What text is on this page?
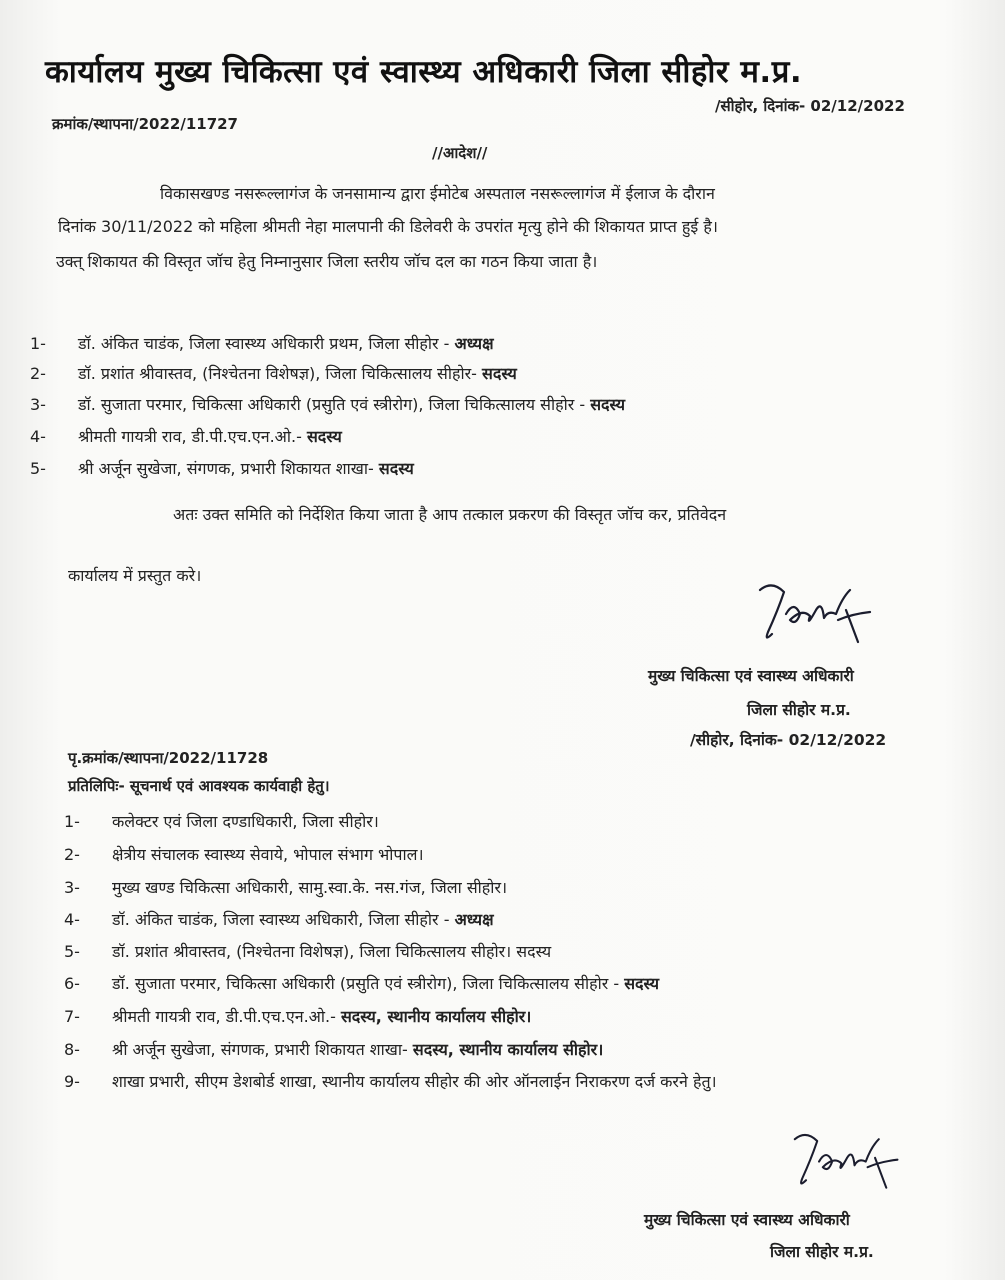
कार्यालय मुख्य चिकित्सा एवं स्वास्थ्य अधिकारी जिला सीहोर म.प्र.
क्रमांक/स्थापना/2022/11727
/सीहोर, दिनांक- 02/12/2022
//आदेश//
विकासखण्ड नसरूल्लागंज के जनसामान्य द्वारा ईमोटेब अस्पताल नसरूल्लागंज में ईलाज के दौरान
दिनांक 30/11/2022 को महिला श्रीमती नेहा मालपानी की डिलेवरी के उपरांत मृत्यु होने की शिकायत प्राप्त हुई है।
उक्त् शिकायत की विस्तृत जॉच हेतु निम्नानुसार जिला स्तरीय जॉच दल का गठन किया जाता है।
1- डॉ. अंकित चाडंक, जिला स्वास्थ्य अधिकारी प्रथम, जिला सीहोर - अध्यक्ष
2- डॉ. प्रशांत श्रीवास्तव, (निश्चेतना विशेषज्ञ), जिला चिकित्सालय सीहोर- सदस्य
3- डॉ. सुजाता परमार, चिकित्सा अधिकारी (प्रसुति एवं स्त्रीरोग), जिला चिकित्सालय सीहोर - सदस्य
4- श्रीमती गायत्री राव, डी.पी.एच.एन.ओ.- सदस्य
5- श्री अर्जून सुखेजा, संगणक, प्रभारी शिकायत शाखा- सदस्य
अतः उक्त समिति को निर्देशित किया जाता है आप तत्काल प्रकरण की विस्तृत जॉच कर, प्रतिवेदन
कार्यालय में प्रस्तुत करे।
मुख्य चिकित्सा एवं स्वास्थ्य अधिकारी
जिला सीहोर म.प्र.
/सीहोर, दिनांक- 02/12/2022
पृ.क्रमांक/स्थापना/2022/11728
प्रतिलिपिः- सूचनार्थ एवं आवश्यक कार्यवाही हेतु।
1- कलेक्टर एवं जिला दण्डाधिकारी, जिला सीहोर।
2- क्षेत्रीय संचालक स्वास्थ्य सेवाये, भोपाल संभाग भोपाल।
3- मुख्य खण्ड चिकित्सा अधिकारी, सामु.स्वा.के. नस.गंज, जिला सीहोर।
4- डॉ. अंकित चाडंक, जिला स्वास्थ्य अधिकारी, जिला सीहोर - अध्यक्ष
5- डॉ. प्रशांत श्रीवास्तव, (निश्चेतना विशेषज्ञ), जिला चिकित्सालय सीहोर। सदस्य
6- डॉ. सुजाता परमार, चिकित्सा अधिकारी (प्रसुति एवं स्त्रीरोग), जिला चिकित्सालय सीहोर - सदस्य
7- श्रीमती गायत्री राव, डी.पी.एच.एन.ओ.- सदस्य, स्थानीय कार्यालय सीहोर।
8- श्री अर्जून सुखेजा, संगणक, प्रभारी शिकायत शाखा- सदस्य, स्थानीय कार्यालय सीहोर।
9- शाखा प्रभारी, सीएम डेशबोर्ड शाखा, स्थानीय कार्यालय सीहोर की ओर ऑनलाईन निराकरण दर्ज करने हेतु।
मुख्य चिकित्सा एवं स्वास्थ्य अधिकारी
जिला सीहोर म.प्र.
